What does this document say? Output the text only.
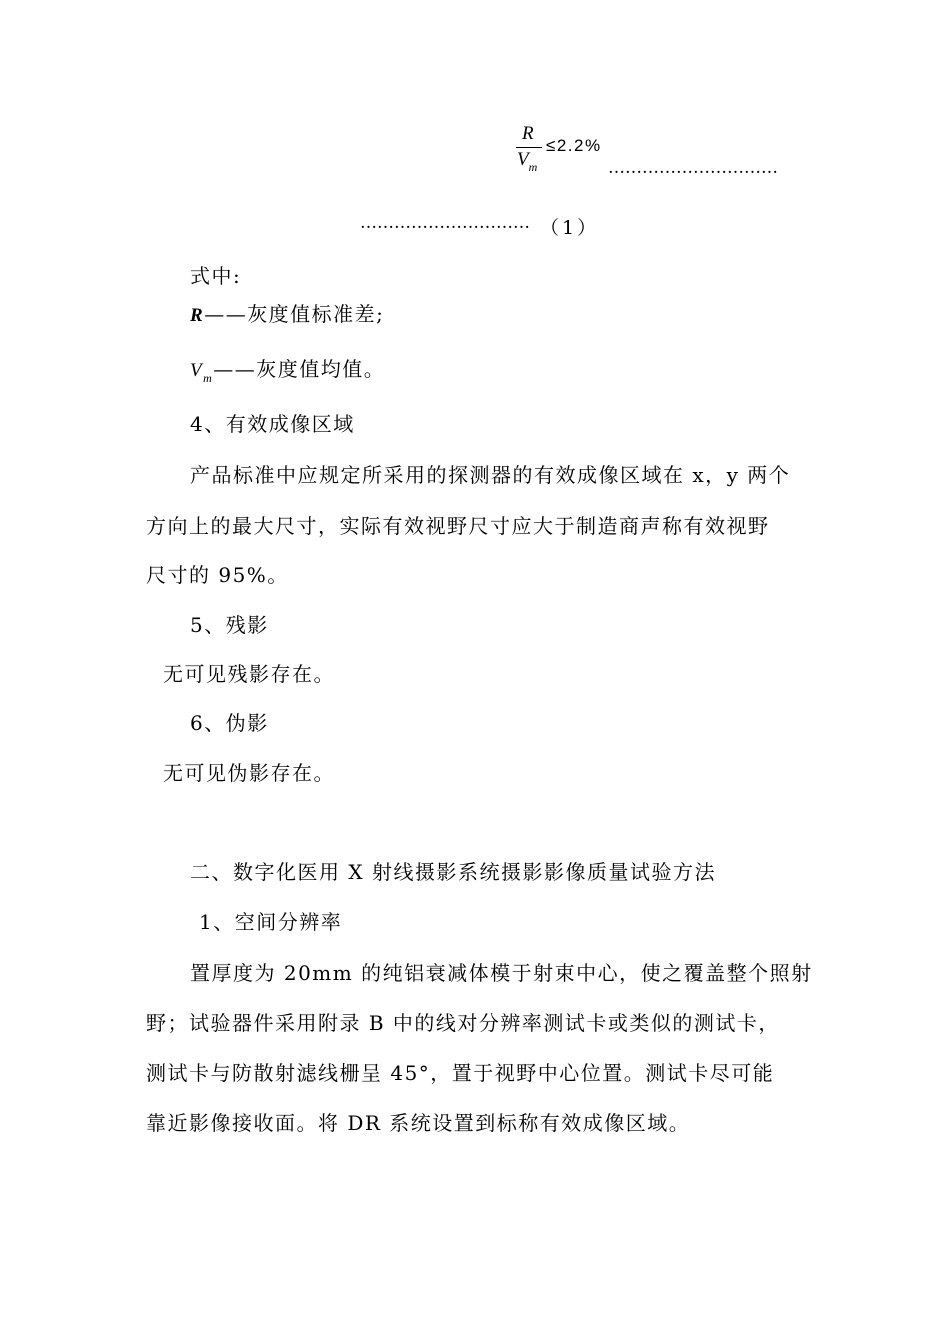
R
$V_m$
≤2.2%
…………………………
………………………… （1）
式中:
R——灰度值标准差;
$V_m——$灰度值均值。
4、有效成像区域
产品标准中应规定所采用的探测器的有效成像区域在 x，y 两个
方向上的最大尺寸，实际有效视野尺寸应大于制造商声称有效视野
尺寸的 95%。
5、残影
无可见残影存在。
6、伪影
无可见伪影存在。
二、数字化医用 X 射线摄影系统摄影影像质量试验方法
1、空间分辨率
置厚度为 20mm 的纯铝衰减体模于射束中心，使之覆盖整个照射
野；试验器件采用附录 B 中的线对分辨率测试卡或类似的测试卡，
测试卡与防散射滤线栅呈 45°，置于视野中心位置。测试卡尽可能
靠近影像接收面。将 DR 系统设置到标称有效成像区域。
